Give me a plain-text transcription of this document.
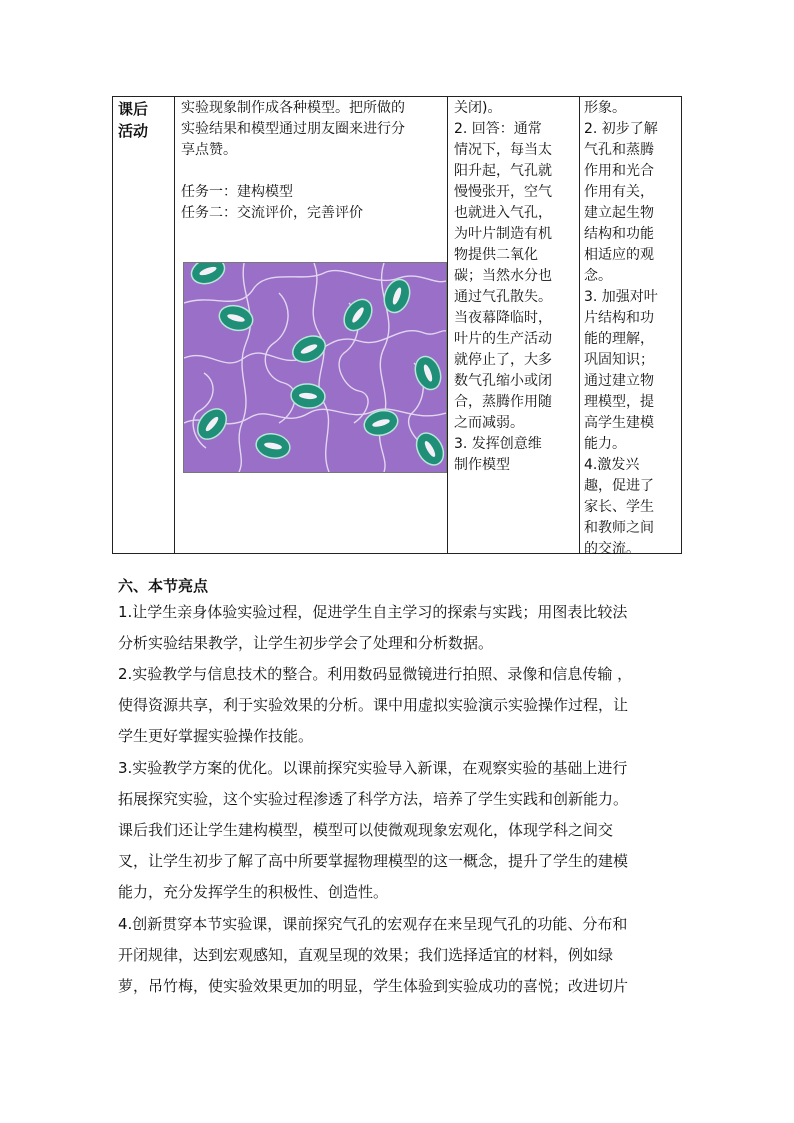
课后
活动

实验现象制作成各种模型。把所做的

实验结果和模型通过朋友圈来进行分

享点赞。

任务一：建构模型

任务二：交流评价，完善评价

关闭)。

2. 回答：通常

情况下，每当太

阳升起，气孔就

慢慢张开，空气

也就进入气孔，

为叶片制造有机

物提供二氧化

碳；当然水分也

通过气孔散失。

当夜幕降临时，

叶片的生产活动

就停止了，大多

数气孔缩小或闭

合，蒸腾作用随

之而减弱。

3. 发挥创意维

制作模型

形象。

2. 初步了解

气孔和蒸腾

作用和光合

作用有关，

建立起生物

结构和功能

相适应的观

念。

3. 加强对叶

片结构和功

能的理解，

巩固知识；

通过建立物

理模型，提

高学生建模

能力。

4.激发兴

趣，促进了

家长、学生

和教师之间

的交流。

六、本节亮点
1.让学生亲身体验实验过程，促进学生自主学习的探索与实践；用图表比较法
分析实验结果教学，让学生初步学会了处理和分析数据。
2.实验教学与信息技术的整合。利用数码显微镜进行拍照、录像和信息传输 ，
使得资源共享，利于实验效果的分析。课中用虚拟实验演示实验操作过程，让
学生更好掌握实验操作技能。
3.实验教学方案的优化。以课前探究实验导入新课，在观察实验的基础上进行
拓展探究实验，这个实验过程渗透了科学方法，培养了学生实践和创新能力。
课后我们还让学生建构模型，模型可以使微观现象宏观化，体现学科之间交
叉，让学生初步了解了高中所要掌握物理模型的这一概念，提升了学生的建模
能力，充分发挥学生的积极性、创造性。
4.创新贯穿本节实验课，课前探究气孔的宏观存在来呈现气孔的功能、分布和
开闭规律，达到宏观感知，直观呈现的效果；我们选择适宜的材料，例如绿
萝，吊竹梅，使实验效果更加的明显，学生体验到实验成功的喜悦；改进切片
